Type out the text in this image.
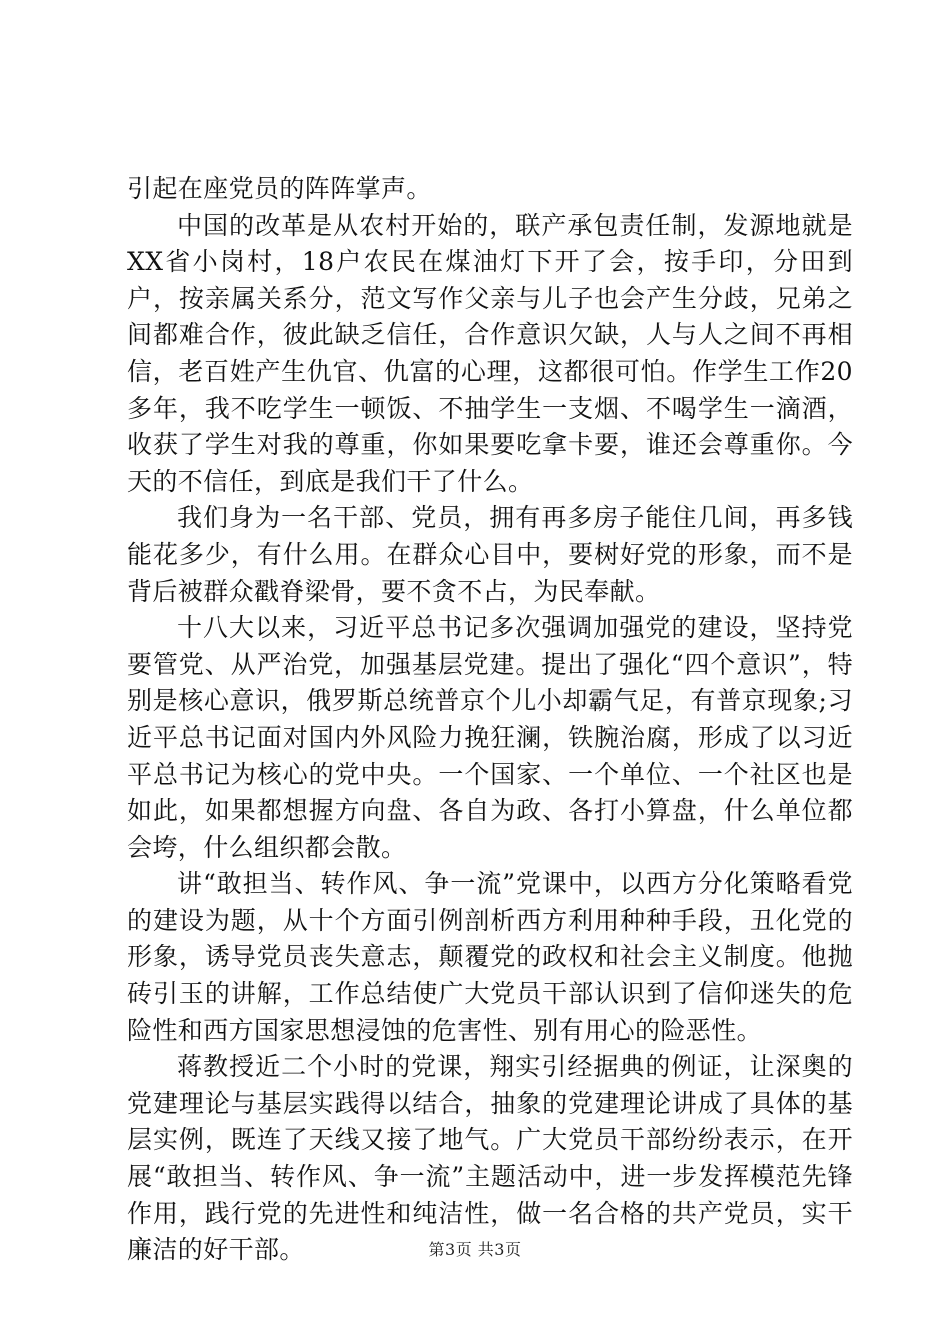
引起在座党员的阵阵掌声。

中国的改革是从农村开始的，联产承包责任制，发源地就是XX省小岗村，18户农民在煤油灯下开了会，按手印，分田到户，按亲属关系分，范文写作父亲与儿子也会产生分歧，兄弟之间都难合作，彼此缺乏信任，合作意识欠缺，人与人之间不再相信，老百姓产生仇官、仇富的心理，这都很可怕。作学生工作20多年，我不吃学生一顿饭、不抽学生一支烟、不喝学生一滴酒，收获了学生对我的尊重，你如果要吃拿卡要，谁还会尊重你。今天的不信任，到底是我们干了什么。

我们身为一名干部、党员，拥有再多房子能住几间，再多钱能花多少，有什么用。在群众心目中，要树好党的形象，而不是背后被群众戳脊梁骨，要不贪不占，为民奉献。

十八大以来，习近平总书记多次强调加强党的建设，坚持党要管党、从严治党，加强基层党建。提出了强化“四个意识”，特别是核心意识，俄罗斯总统普京个儿小却霸气足，有普京现象;习近平总书记面对国内外风险力挽狂澜，铁腕治腐，形成了以习近平总书记为核心的党中央。一个国家、一个单位、一个社区也是如此，如果都想握方向盘、各自为政、各打小算盘，什么单位都会垮，什么组织都会散。

讲“敢担当、转作风、争一流”党课中，以西方分化策略看党的建设为题，从十个方面引例剖析西方利用种种手段，丑化党的形象，诱导党员丧失意志，颠覆党的政权和社会主义制度。他抛砖引玉的讲解，工作总结使广大党员干部认识到了信仰迷失的危险性和西方国家思想浸蚀的危害性、别有用心的险恶性。

蒋教授近二个小时的党课，翔实引经据典的例证，让深奥的党建理论与基层实践得以结合，抽象的党建理论讲成了具体的基层实例，既连了天线又接了地气。广大党员干部纷纷表示，在开展“敢担当、转作风、争一流”主题活动中，进一步发挥模范先锋作用，践行党的先进性和纯洁性，做一名合格的共产党员，实干廉洁的好干部。	第3页 共3页
